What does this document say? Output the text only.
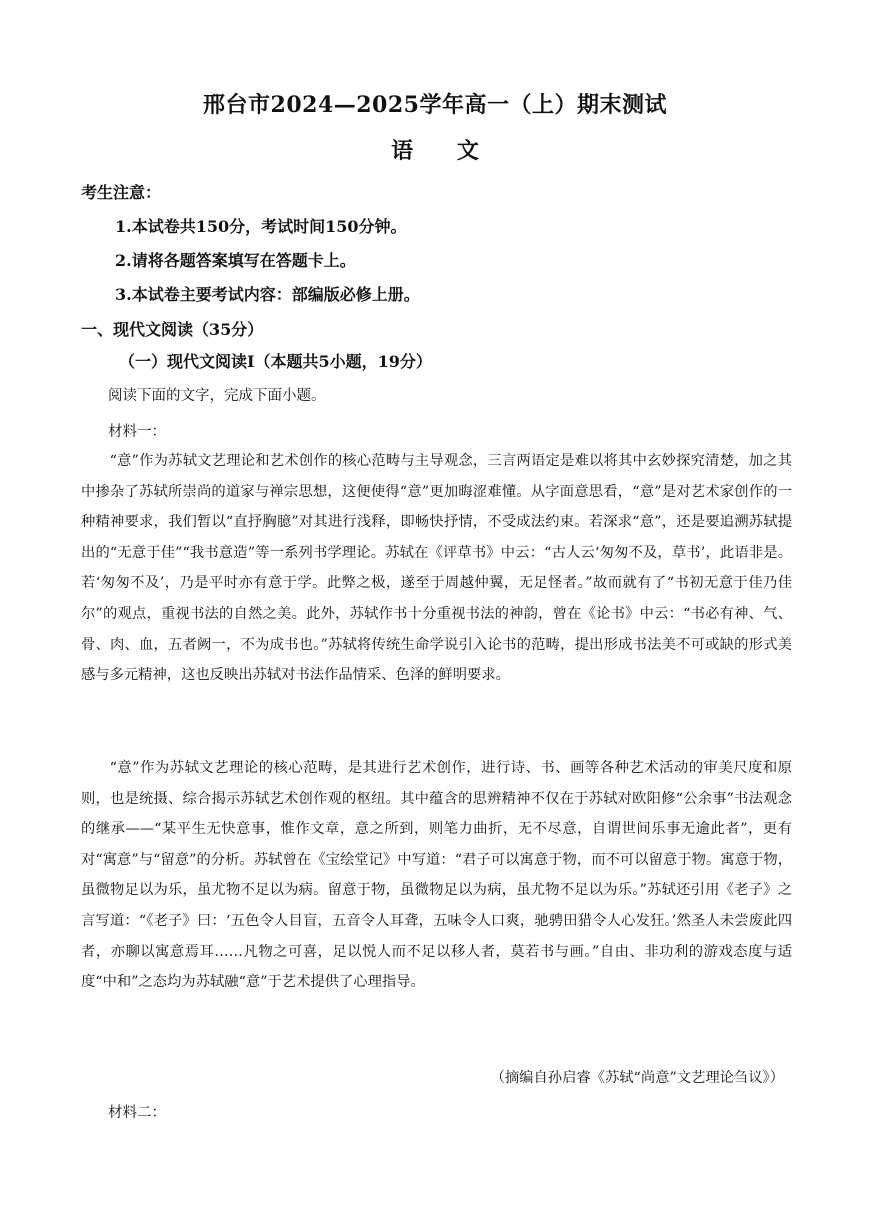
邢台市2024—2025学年高一（上）期末测试
语 文
考生注意：
1.本试卷共150分，考试时间150分钟。
2.请将各题答案填写在答题卡上。
3.本试卷主要考试内容：部编版必修上册。
一、现代文阅读（35分）
（一）现代文阅读Ⅰ（本题共5小题，19分）
阅读下面的文字，完成下面小题。
材料一：
“意”作为苏轼文艺理论和艺术创作的核心范畴与主导观念，三言两语定是难以将其中玄妙探究清楚，加之其中掺杂了苏轼所崇尚的道家与禅宗思想，这便使得“意”更加晦涩难懂。从字面意思看，“意”是对艺术家创作的一种精神要求，我们暂以“直抒胸臆”对其进行浅释，即畅快抒情，不受成法约束。若深求“意”，还是要追溯苏轼提出的“无意于佳”“我书意造”等一系列书学理论。苏轼在《评草书》中云：“古人云‘匆匆不及，草书’，此语非是。若‘匆匆不及’，乃是平时亦有意于学。此弊之极，遂至于周越仲翼，无足怪者。”故而就有了“书初无意于佳乃佳尔”的观点，重视书法的自然之美。此外，苏轼作书十分重视书法的神韵，曾在《论书》中云：“书必有神、气、骨、肉、血，五者阙一，不为成书也。”苏轼将传统生命学说引入论书的范畴，提出形成书法美不可或缺的形式美感与多元精神，这也反映出苏轼对书法作品情采、色泽的鲜明要求。
“意”作为苏轼文艺理论的核心范畴，是其进行艺术创作，进行诗、书、画等各种艺术活动的审美尺度和原则，也是统摄、综合揭示苏轼艺术创作观的枢纽。其中蕴含的思辨精神不仅在于苏轼对欧阳修“公余事”书法观念的继承——“某平生无快意事，惟作文章，意之所到，则笔力曲折，无不尽意，自谓世间乐事无逾此者”，更有对“寓意”与“留意”的分析。苏轼曾在《宝绘堂记》中写道：“君子可以寓意于物，而不可以留意于物。寓意于物，虽微物足以为乐，虽尤物不足以为病。留意于物，虽微物足以为病，虽尤物不足以为乐。”苏轼还引用《老子》之言写道：“《老子》曰：‘五色令人目盲，五音令人耳聋，五味令人口爽，驰骋田猎令人心发狂。’然圣人未尝废此四者，亦聊以寓意焉耳……凡物之可喜，足以悦人而不足以移人者，莫若书与画。”自由、非功利的游戏态度与适度“中和”之态均为苏轼融“意”于艺术提供了心理指导。
（摘编自孙启睿《苏轼“尚意”文艺理论刍议》）
材料二：
